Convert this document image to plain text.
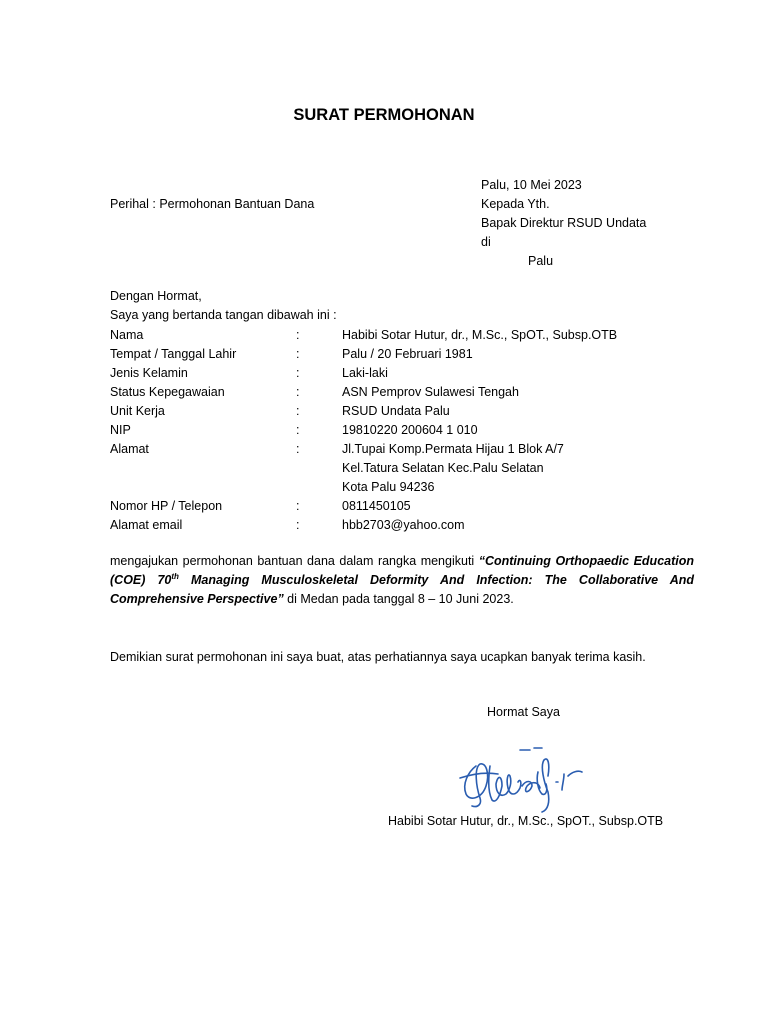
SURAT PERMOHONAN
Palu, 10 Mei 2023
Kepada Yth.
Bapak Direktur RSUD Undata
di
Palu
Perihal : Permohonan Bantuan Dana
Dengan Hormat,
Saya yang bertanda tangan dibawah ini :
Nama	:	Habibi Sotar Hutur, dr., M.Sc., SpOT., Subsp.OTB
Tempat / Tanggal Lahir	:	Palu / 20 Februari 1981
Jenis Kelamin	:	Laki-laki
Status Kepegawaian	:	ASN Pemprov Sulawesi Tengah
Unit Kerja	:	RSUD Undata Palu
NIP	:	19810220 200604 1 010
Alamat	:	Jl.Tupai Komp.Permata Hijau 1 Blok A/7
Kel.Tatura Selatan Kec.Palu Selatan
Kota Palu 94236
Nomor HP / Telepon	:	0811450105
Alamat email	:	hbb2703@yahoo.com
mengajukan permohonan bantuan dana dalam rangka mengikuti “Continuing Orthopaedic Education (COE) 70th Managing Musculoskeletal Deformity And Infection: The Collaborative And Comprehensive Perspective” di Medan pada tanggal 8 – 10 Juni 2023.
Demikian surat permohonan ini saya buat, atas perhatiannya saya ucapkan banyak terima kasih.
Hormat Saya
Habibi Sotar Hutur, dr., M.Sc., SpOT., Subsp.OTB
